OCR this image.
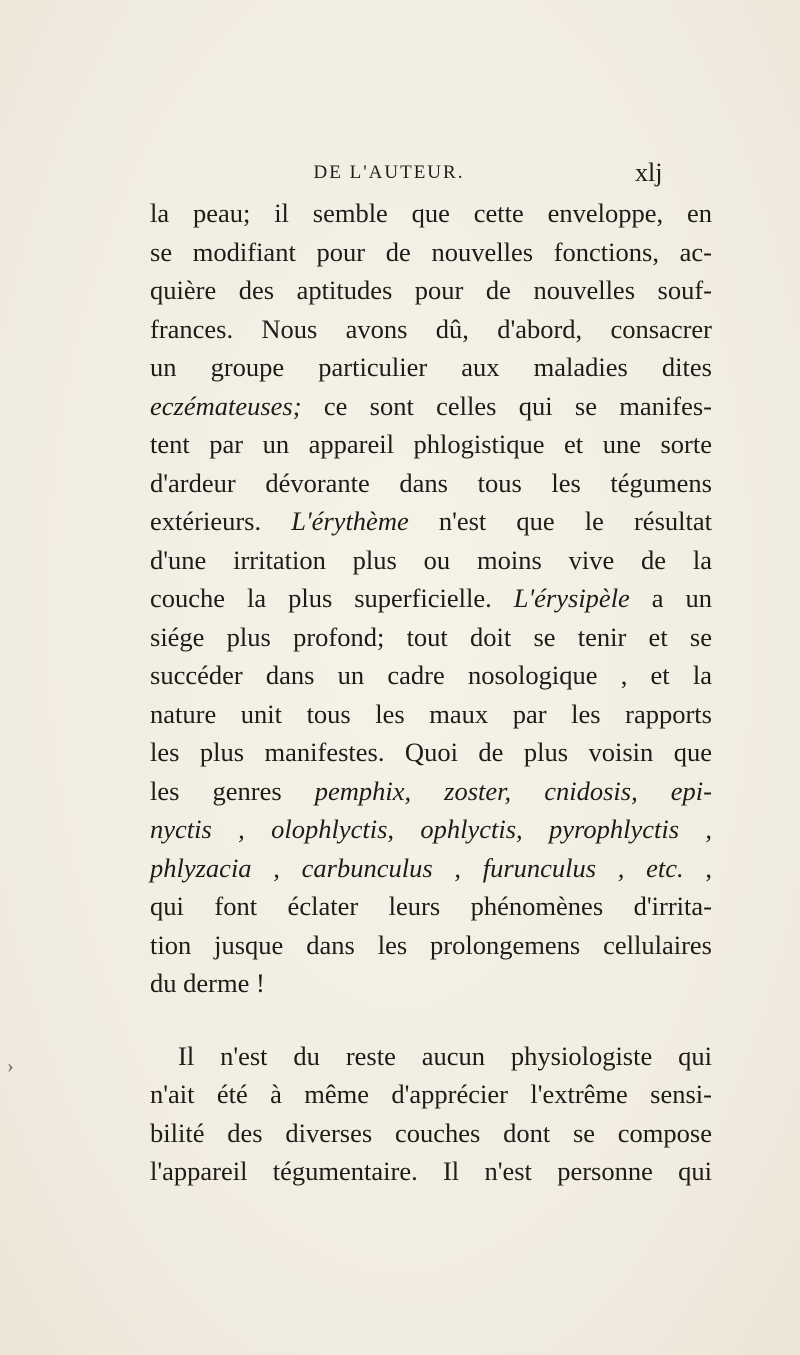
DE L'AUTEUR.	xlj
la peau; il semble que cette enveloppe, en
se modifiant pour de nouvelles fonctions, ac-
quière des aptitudes pour de nouvelles souf-
frances. Nous avons dû, d'abord, consacrer
un groupe particulier aux maladies dites
eczémateuses; ce sont celles qui se manifes-
tent par un appareil phlogistique et une sorte
d'ardeur dévorante dans tous les tégumens
extérieurs. L'érythème n'est que le résultat
d'une irritation plus ou moins vive de la
couche la plus superficielle. L'érysipèle a un
siége plus profond; tout doit se tenir et se
succéder dans un cadre nosologique , et la
nature unit tous les maux par les rapports
les plus manifestes. Quoi de plus voisin que
les genres pemphix, zoster, cnidosis, epi-
nyctis , olophlyctis, ophlyctis, pyrophlyctis ,
phlyzacia , carbunculus , furunculus , etc. ,
qui font éclater leurs phénomènes d'irrita-
tion jusque dans les prolongemens cellulaires
du derme !
Il n'est du reste aucun physiologiste qui
n'ait été à même d'apprécier l'extrême sensi-
bilité des diverses couches dont se compose
l'appareil tégumentaire. Il n'est personne qui
›
